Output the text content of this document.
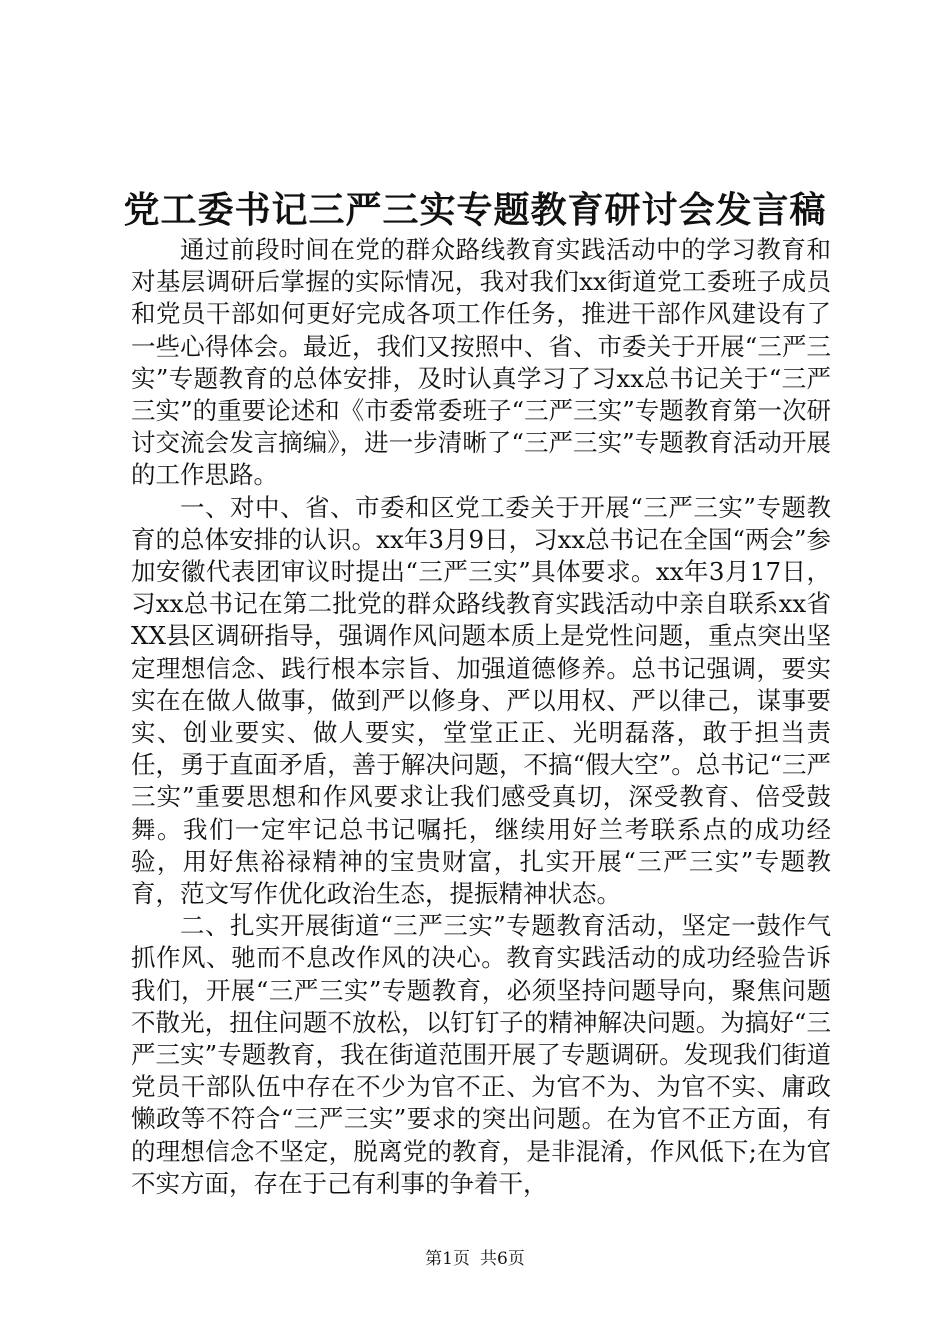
党工委书记三严三实专题教育研讨会发言稿

通过前段时间在党的群众路线教育实践活动中的学习教育和对基层调研后掌握的实际情况，我对我们xx街道党工委班子成员和党员干部如何更好完成各项工作任务，推进干部作风建设有了一些心得体会。最近，我们又按照中、省、市委关于开展“三严三实”专题教育的总体安排，及时认真学习了习xx总书记关于“三严三实”的重要论述和《市委常委班子“三严三实”专题教育第一次研讨交流会发言摘编》，进一步清晰了“三严三实”专题教育活动开展的工作思路。

一、对中、省、市委和区党工委关于开展“三严三实”专题教育的总体安排的认识。xx年3月9日，习xx总书记在全国“两会”参加安徽代表团审议时提出“三严三实”具体要求。xx年3月17日，习xx总书记在第二批党的群众路线教育实践活动中亲自联系xx省XX县区调研指导，强调作风问题本质上是党性问题，重点突出坚定理想信念、践行根本宗旨、加强道德修养。总书记强调，要实实在在做人做事，做到严以修身、严以用权、严以律己，谋事要实、创业要实、做人要实，堂堂正正、光明磊落，敢于担当责任，勇于直面矛盾，善于解决问题，不搞“假大空”。总书记“三严三实”重要思想和作风要求让我们感受真切，深受教育、倍受鼓舞。我们一定牢记总书记嘱托，继续用好兰考联系点的成功经验，用好焦裕禄精神的宝贵财富，扎实开展“三严三实”专题教育，范文写作优化政治生态，提振精神状态。

二、扎实开展街道“三严三实”专题教育活动，坚定一鼓作气抓作风、驰而不息改作风的决心。教育实践活动的成功经验告诉我们，开展“三严三实”专题教育，必须坚持问题导向，聚焦问题不散光，扭住问题不放松，以钉钉子的精神解决问题。为搞好“三严三实”专题教育，我在街道范围开展了专题调研。发现我们街道党员干部队伍中存在不少为官不正、为官不为、为官不实、庸政懒政等不符合“三严三实”要求的突出问题。在为官不正方面，有的理想信念不坚定，脱离党的教育，是非混淆，作风低下;在为官不实方面，存在于己有利事的争着干，

第1页 共6页
